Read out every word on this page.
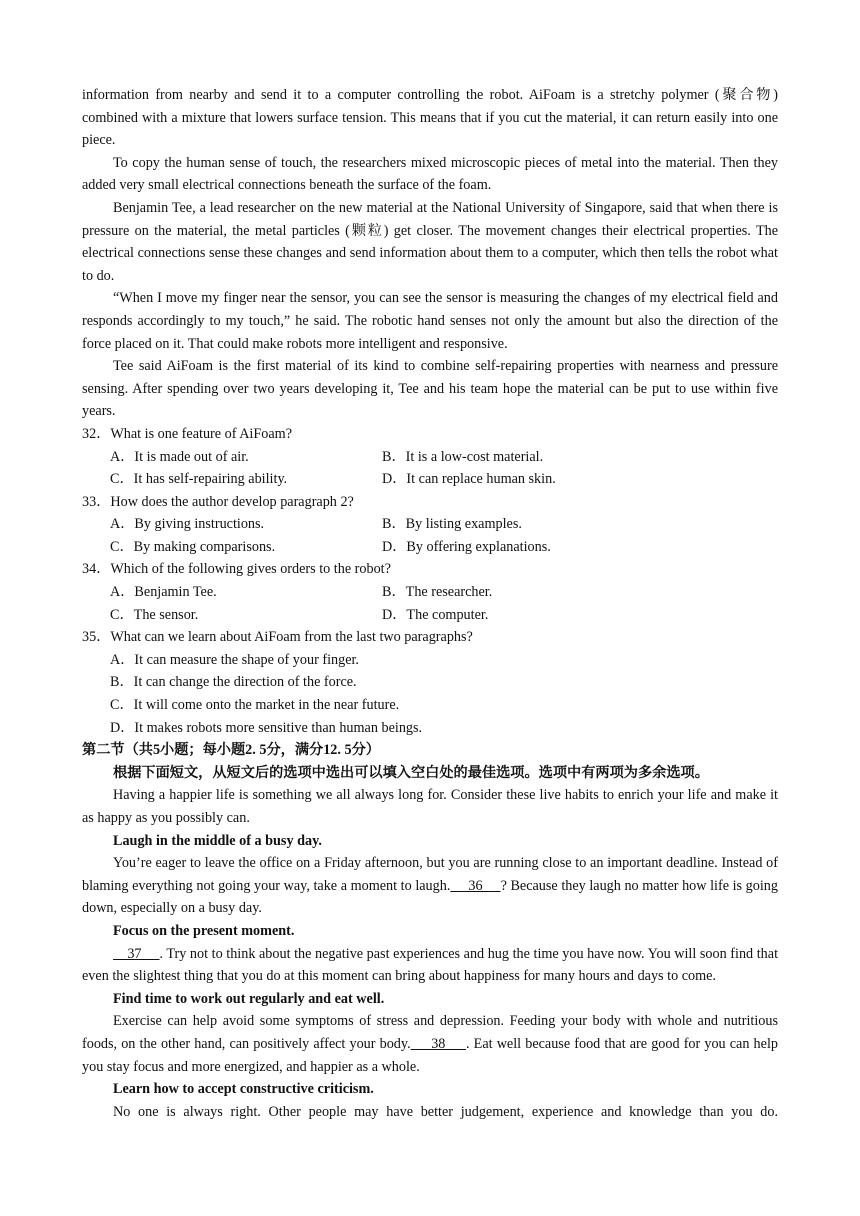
information from nearby and send it to a computer controlling the robot. AiFoam is a stretchy polymer (聚合物) combined with a mixture that lowers surface tension. This means that if you cut the material, it can return easily into one piece.

To copy the human sense of touch, the researchers mixed microscopic pieces of metal into the material. Then they added very small electrical connections beneath the surface of the foam.

Benjamin Tee, a lead researcher on the new material at the National University of Singapore, said that when there is pressure on the material, the metal particles (颗粒) get closer. The movement changes their electrical properties. The electrical connections sense these changes and send information about them to a computer, which then tells the robot what to do.

“When I move my finger near the sensor, you can see the sensor is measuring the changes of my electrical field and responds accordingly to my touch,” he said. The robotic hand senses not only the amount but also the direction of the force placed on it. That could make robots more intelligent and responsive.

Tee said AiFoam is the first material of its kind to combine self-repairing properties with nearness and pressure sensing. After spending over two years developing it, Tee and his team hope the material can be put to use within five years.

32．What is one feature of AiFoam?

A．It is made out of air.	B．It is a low-cost material.
C．It has self-repairing ability.	D．It can replace human skin.

33．How does the author develop paragraph 2?

A．By giving instructions.	B．By listing examples.
C．By making comparisons.	D．By offering explanations.

34．Which of the following gives orders to the robot?

A．Benjamin Tee.	B．The researcher.
C．The sensor.	D．The computer.

35．What can we learn about AiFoam from the last two paragraphs?

A．It can measure the shape of your finger.

B．It can change the direction of the force.

C．It will come onto the market in the near future.

D．It makes robots more sensitive than human beings.

第二节（共5小题；每小题2. 5分，满分12. 5分）

根据下面短文，从短文后的选项中选出可以填入空白处的最佳选项。选项中有两项为多余选项。

Having a happier life is something we all always long for. Consider these live habits to enrich your life and make it as happy as you possibly can.

Laugh in the middle of a busy day.

You’re eager to leave the office on a Friday afternoon, but you are running close to an important deadline. Instead of blaming everything not going your way, take a moment to laugh.     36     ? Because they laugh no matter how life is going down, especially on a busy day.

Focus on the present moment.

37     . Try not to think about the negative past experiences and hug the time you have now. You will soon find that even the slightest thing that you do at this moment can bring about happiness for many hours and days to come.

Find time to work out regularly and eat well.

Exercise can help avoid some symptoms of stress and depression. Feeding your body with whole and nutritious foods, on the other hand, can positively affect your body.     38     . Eat well because food that are good for you can help you stay focus and more energized, and happier as a whole.

Learn how to accept constructive criticism.

No one is always right. Other people may have better judgement, experience and knowledge than you do.
